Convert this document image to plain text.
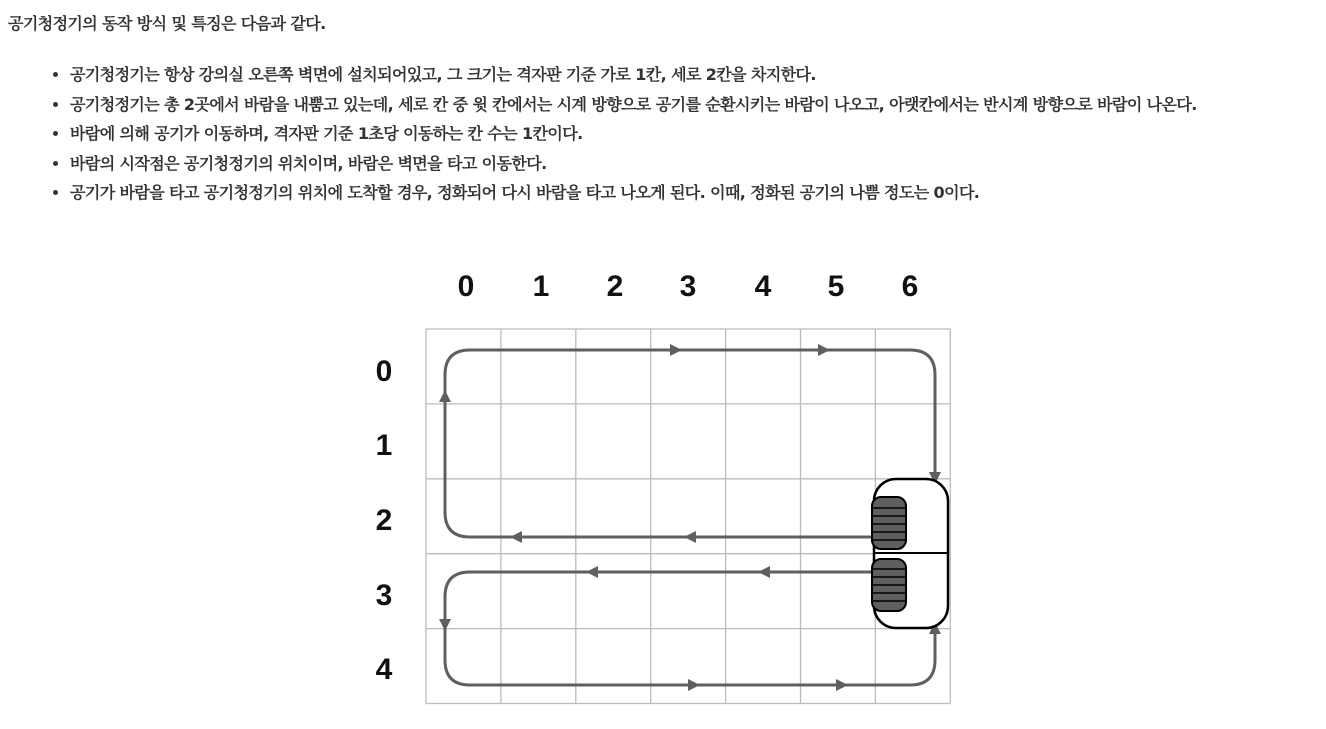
공기청정기의 동작 방식 및 특징은 다음과 같다.
• 공기청정기는 항상 강의실 오른쪽 벽면에 설치되어있고, 그 크기는 격자판 기준 가로 1칸, 세로 2칸을 차지한다.
• 공기청정기는 총 2곳에서 바람을 내뿜고 있는데, 세로 칸 중 윗 칸에서는 시계 방향으로 공기를 순환시키는 바람이 나오고, 아랫칸에서는 반시계 방향으로 바람이 나온다.
• 바람에 의해 공기가 이동하며, 격자판 기준 1초당 이동하는 칸 수는 1칸이다.
• 바람의 시작점은 공기청정기의 위치이며, 바람은 벽면을 타고 이동한다.
• 공기가 바람을 타고 공기청정기의 위치에 도착할 경우, 정화되어 다시 바람을 타고 나오게 된다. 이때, 정화된 공기의 나쁨 정도는 0이다.
0 1 2 3 4 5 6
0
1
2
3
4
